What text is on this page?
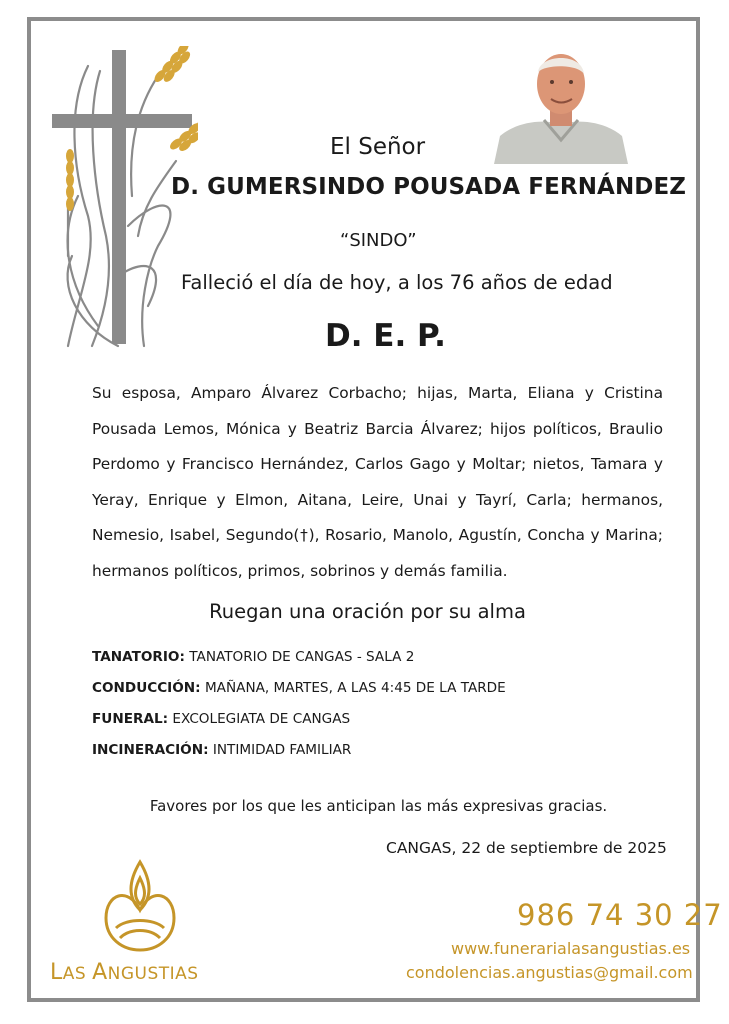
El Señor
D. GUMERSINDO POUSADA FERNÁNDEZ
“SINDO”
Falleció el día de hoy, a los 76 años de edad
D. E. P.
Su esposa, Amparo Álvarez Corbacho; hijas, Marta, Eliana y Cristina Pousada Lemos, Mónica y Beatriz Barcia Álvarez; hijos políticos, Braulio Perdomo y Francisco Hernández, Carlos Gago y Moltar; nietos, Tamara y Yeray, Enrique y Elmon, Aitana, Leire, Unai y Tayrí, Carla; hermanos, Nemesio, Isabel, Segundo(†), Rosario, Manolo, Agustín, Concha y Marina; hermanos políticos, primos, sobrinos y demás familia.
Ruegan una oración por su alma
TANATORIO: TANATORIO DE CANGAS - SALA 2
CONDUCCIÓN: MAÑANA, MARTES, A LAS 4:45 DE LA TARDE
FUNERAL: EXCOLEGIATA DE CANGAS
INCINERACIÓN: INTIMIDAD FAMILIAR
Favores por los que les anticipan las más expresivas gracias.
CANGAS, 22 de septiembre de 2025
LAS ANGUSTIAS
986 74 30 27
www.funerarialasangustias.es
condolencias.angustias@gmail.com
